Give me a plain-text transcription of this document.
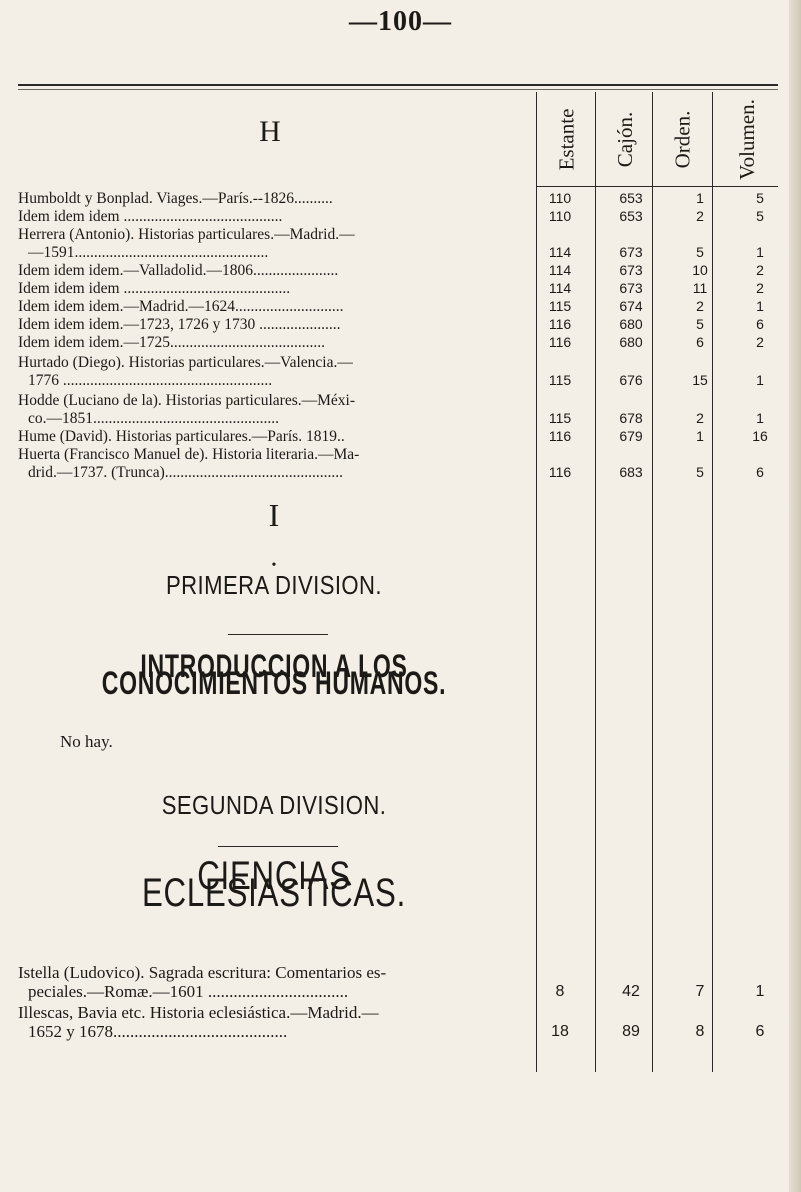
—100—
H	Estante Cajón. Orden. Volumen.
Humboldt y Bonplad. Viages.—París.--1826..........	110	653	1	5
Idem idem idem .........................................	110	653	2	5
Herrera (Antonio). Historias particulares.—Madrid.—
—1591..................................................	114	673	5	1
Idem idem idem.—Valladolid.—1806......................	114	673	10	2
Idem idem idem ...........................................	114	673	11	2
Idem idem idem.—Madrid.—1624............................	115	674	2	1
Idem idem idem.—1723, 1726 y 1730 .....................	116	680	5	6
Idem idem idem.—1725........................................	116	680	6	2
Hurtado (Diego). Historias particulares.—Valencia.—
1776 ......................................................	115	676	15	1
Hodde (Luciano de la). Historias particulares.—Méxi-
co.—1851................................................	115	678	2	1
Hume (David). Historias particulares.—París. 1819..	116	679	1	16
Huerta (Francisco Manuel de). Historia literaria.—Ma-
drid.—1737. (Trunca)..............................................	116	683	5	6
I
•
PRIMERA DIVISION.
INTRODUCCION A LOS CONOCIMIENTOS HUMANOS.
No hay.
SEGUNDA DIVISION.
CIENCIAS ECLESIASTICAS.
Istella (Ludovico). Sagrada escritura: Comentarios es-
peciales.—Romæ.—1601 .................................	8	42	7	1
Illescas, Bavia etc. Historia eclesiástica.—Madrid.—
1652 y 1678.........................................	18	89	8	6
